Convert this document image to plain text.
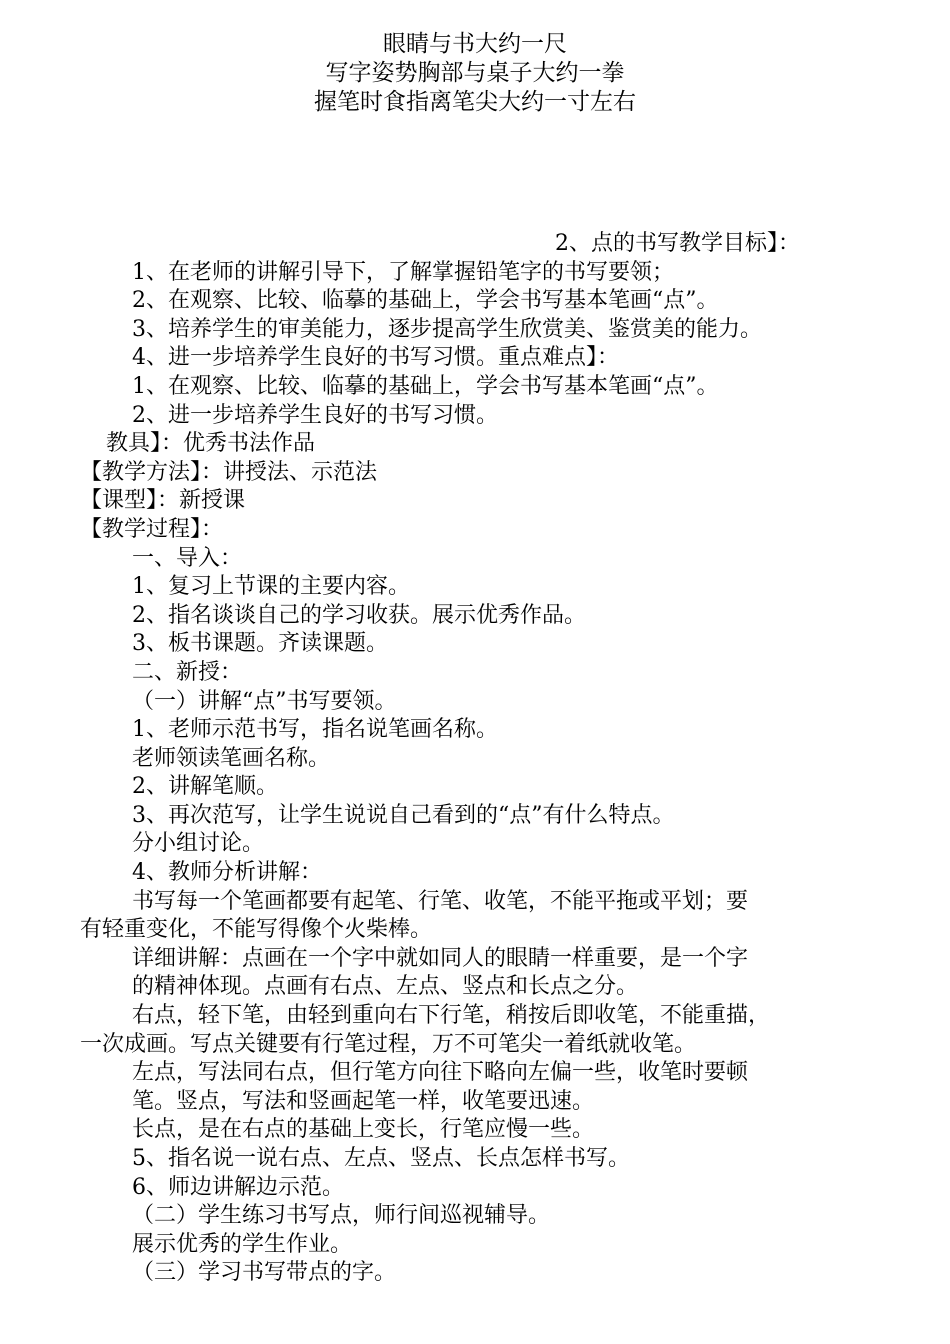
眼睛与书大约一尺
写字姿势胸部与桌子大约一拳
握笔时食指离笔尖大约一寸左右
2、点的书写教学目标】：
1、在老师的讲解引导下，了解掌握铅笔字的书写要领；
2、在观察、比较、临摹的基础上，学会书写基本笔画“点”。
3、培养学生的审美能力，逐步提高学生欣赏美、鉴赏美的能力。
4、进一步培养学生良好的书写习惯。重点难点】：
1、在观察、比较、临摹的基础上，学会书写基本笔画“点”。
2、进一步培养学生良好的书写习惯。
教具】：优秀书法作品
【教学方法】：讲授法、示范法
【课型】：新授课
【教学过程】：
一、导入：
1、复习上节课的主要内容。
2、指名谈谈自己的学习收获。展示优秀作品。
3、板书课题。齐读课题。
二、新授：
（一）讲解“点”书写要领。
1、老师示范书写，指名说笔画名称。
老师领读笔画名称。
2、讲解笔顺。
3、再次范写，让学生说说自己看到的“点”有什么特点。
分小组讨论。
4、教师分析讲解：
书写每一个笔画都要有起笔、行笔、收笔，不能平拖或平划；要
有轻重变化，不能写得像个火柴棒。
详细讲解：点画在一个字中就如同人的眼睛一样重要，是一个字
的精神体现。点画有右点、左点、竖点和长点之分。
右点，轻下笔，由轻到重向右下行笔，稍按后即收笔，不能重描，
一次成画。写点关键要有行笔过程，万不可笔尖一着纸就收笔。
左点，写法同右点，但行笔方向往下略向左偏一些，收笔时要顿
笔。竖点，写法和竖画起笔一样，收笔要迅速。
长点，是在右点的基础上变长，行笔应慢一些。
5、指名说一说右点、左点、竖点、长点怎样书写。
6、师边讲解边示范。
（二）学生练习书写点，师行间巡视辅导。
展示优秀的学生作业。
（三）学习书写带点的字。
